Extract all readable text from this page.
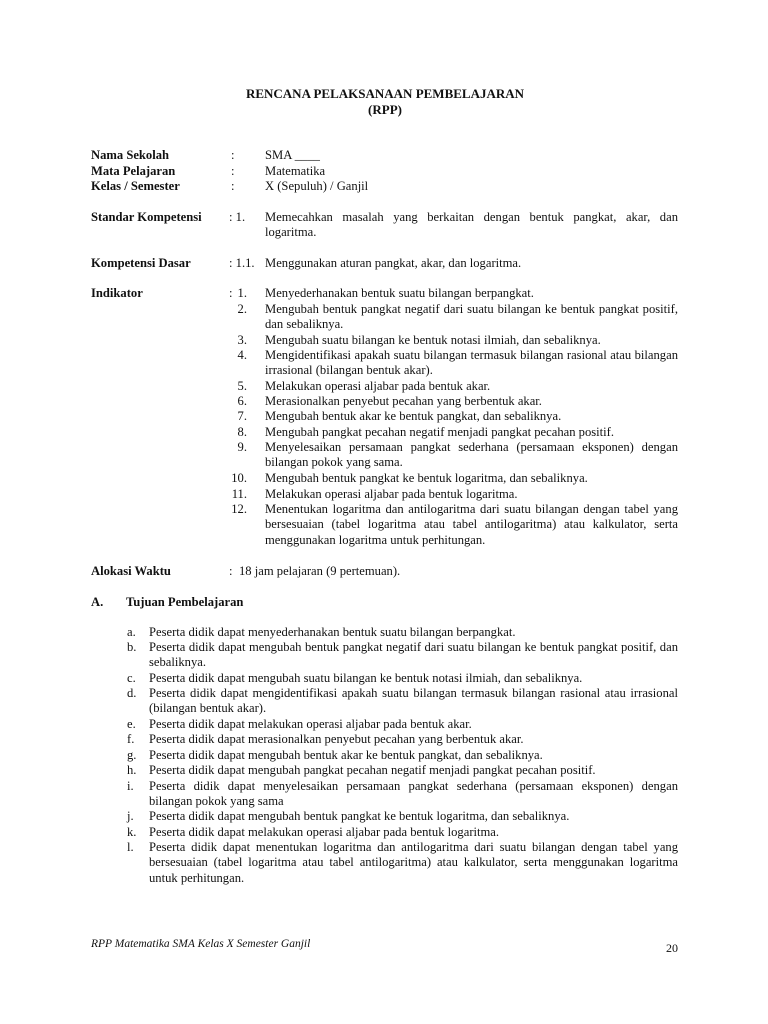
RENCANA PELAKSANAAN PEMBELAJARAN
(RPP)
Nama Sekolah	: SMA ____
Mata Pelajaran	: Matematika
Kelas / Semester	: X (Sepuluh) / Ganjil
Standar Kompetensi : 1. Memecahkan masalah yang berkaitan dengan bentuk pangkat, akar, dan logaritma.
Kompetensi Dasar	: 1.1. Menggunakan aturan pangkat, akar, dan logaritma.
Indikator	: 1. Menyederhanakan bentuk suatu bilangan berpangkat.
2. Mengubah bentuk pangkat negatif dari suatu bilangan ke bentuk pangkat positif, dan sebaliknya.
3. Mengubah suatu bilangan ke bentuk notasi ilmiah, dan sebaliknya.
4. Mengidentifikasi apakah suatu bilangan termasuk bilangan rasional atau bilangan irrasional (bilangan bentuk akar).
5. Melakukan operasi aljabar pada bentuk akar.
6. Merasionalkan penyebut pecahan yang berbentuk akar.
7. Mengubah bentuk akar ke bentuk pangkat, dan sebaliknya.
8. Mengubah pangkat pecahan negatif menjadi pangkat pecahan positif.
9. Menyelesaikan persamaan pangkat sederhana (persamaan eksponen) dengan bilangan pokok yang sama.
10. Mengubah bentuk pangkat ke bentuk logaritma, dan sebaliknya.
11. Melakukan operasi aljabar pada bentuk logaritma.
12. Menentukan logaritma dan antilogaritma dari suatu bilangan dengan tabel yang bersesuaian (tabel logaritma atau tabel antilogaritma) atau kalkulator, serta menggunakan logaritma untuk perhitungan.
Alokasi Waktu	: 18 jam pelajaran (9 pertemuan).
A. Tujuan Pembelajaran
a. Peserta didik dapat menyederhanakan bentuk suatu bilangan berpangkat.
b. Peserta didik dapat mengubah bentuk pangkat negatif dari suatu bilangan ke bentuk pangkat positif, dan sebaliknya.
c. Peserta didik dapat mengubah suatu bilangan ke bentuk notasi ilmiah, dan sebaliknya.
d. Peserta didik dapat mengidentifikasi apakah suatu bilangan termasuk bilangan rasional atau irrasional (bilangan bentuk akar).
e. Peserta didik dapat melakukan operasi aljabar pada bentuk akar.
f. Peserta didik dapat merasionalkan penyebut pecahan yang berbentuk akar.
g. Peserta didik dapat mengubah bentuk akar ke bentuk pangkat, dan sebaliknya.
h. Peserta didik dapat mengubah pangkat pecahan negatif menjadi pangkat pecahan positif.
i. Peserta didik dapat menyelesaikan persamaan pangkat sederhana (persamaan eksponen) dengan bilangan pokok yang sama
j. Peserta didik dapat mengubah bentuk pangkat ke bentuk logaritma, dan sebaliknya.
k. Peserta didik dapat melakukan operasi aljabar pada bentuk logaritma.
l. Peserta didik dapat menentukan logaritma dan antilogaritma dari suatu bilangan dengan tabel yang bersesuaian (tabel logaritma atau tabel antilogaritma) atau kalkulator, serta menggunakan logaritma untuk perhitungan.
RPP Matematika SMA Kelas X Semester Ganjil	20
